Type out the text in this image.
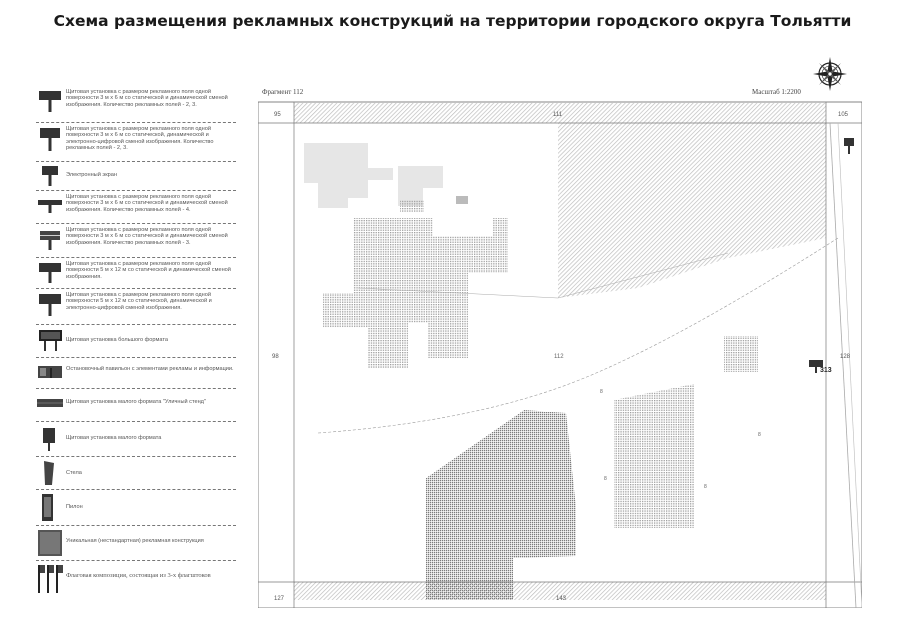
Схема размещения рекламных конструкций на территории городского округа Тольятти
Щитовая установка с размером рекламного поля одной поверхности 3 м х 6 м со статической и динамической сменой изображения. Количество рекламных полей - 2, 3.
Щитовая установка с размером рекламного поля одной поверхности 3 м х 6 м со статической, динамической и электронно-цифровой сменой изображения. Количество рекламных полей - 2, 3.
Электронный экран
Щитовая установка с размером рекламного поля одной поверхности 3 м х 6 м со статической и динамической сменой изображения. Количество рекламных полей - 4.
Щитовая установка с размером рекламного поля одной поверхности 3 м х 6 м со статической и динамической сменой изображения. Количество рекламных полей - 3.
Щитовая установка с размером рекламного поля одной поверхности 5 м х 12 м со статической и динамической сменой изображения.
Щитовая установка с размером рекламного поля одной поверхности 5 м х 12 м со статической, динамической и электронно-цифровой сменой изображения.
Щитовая установка большого формата
Остановочный павильон с элементами рекламы и информации.
Щитовая установка малого формата "Уличный стенд"
Щитовая установка малого формата
Стела
Пилон
Уникальная (нестандартная) рекламная конструкция
Флаговая композиция, состоящая из 3-х флагштоков
Фрагмент 112	Масштаб 1:2200
95	111	105
98	128
127	143
112
8
8
8
8
313
